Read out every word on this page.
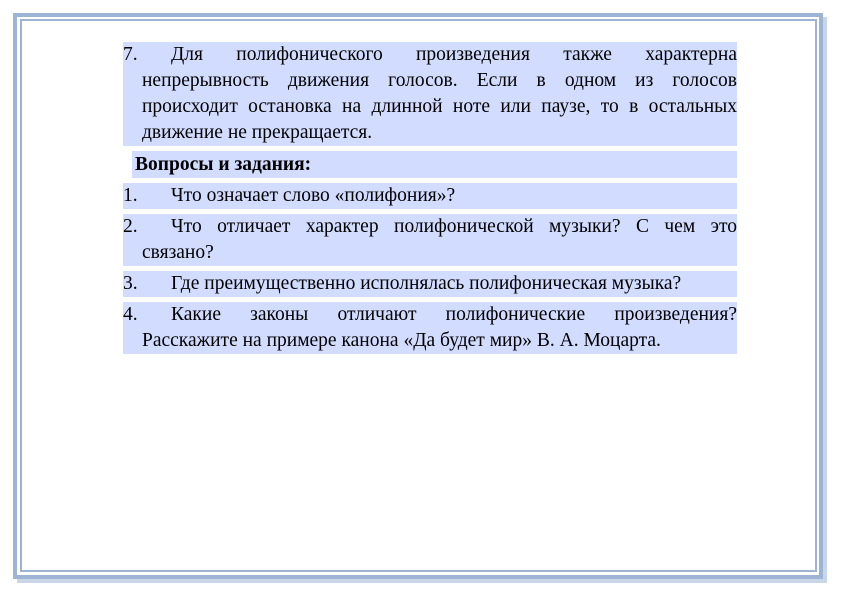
7. Для полифонического произведения также характерна непрерывность движения голосов. Если в одном из голосов происходит остановка на длинной ноте или паузе, то в остальных движение не прекращается.

Вопросы и задания:

1. Что означает слово «полифония»?

2. Что отличает характер полифонической музыки? С чем это связано?

3. Где преимущественно исполнялась полифоническая музыка?

4. Какие законы отличают полифонические произведения? Расскажите на примере канона «Да будет мир» В. А. Моцарта.
